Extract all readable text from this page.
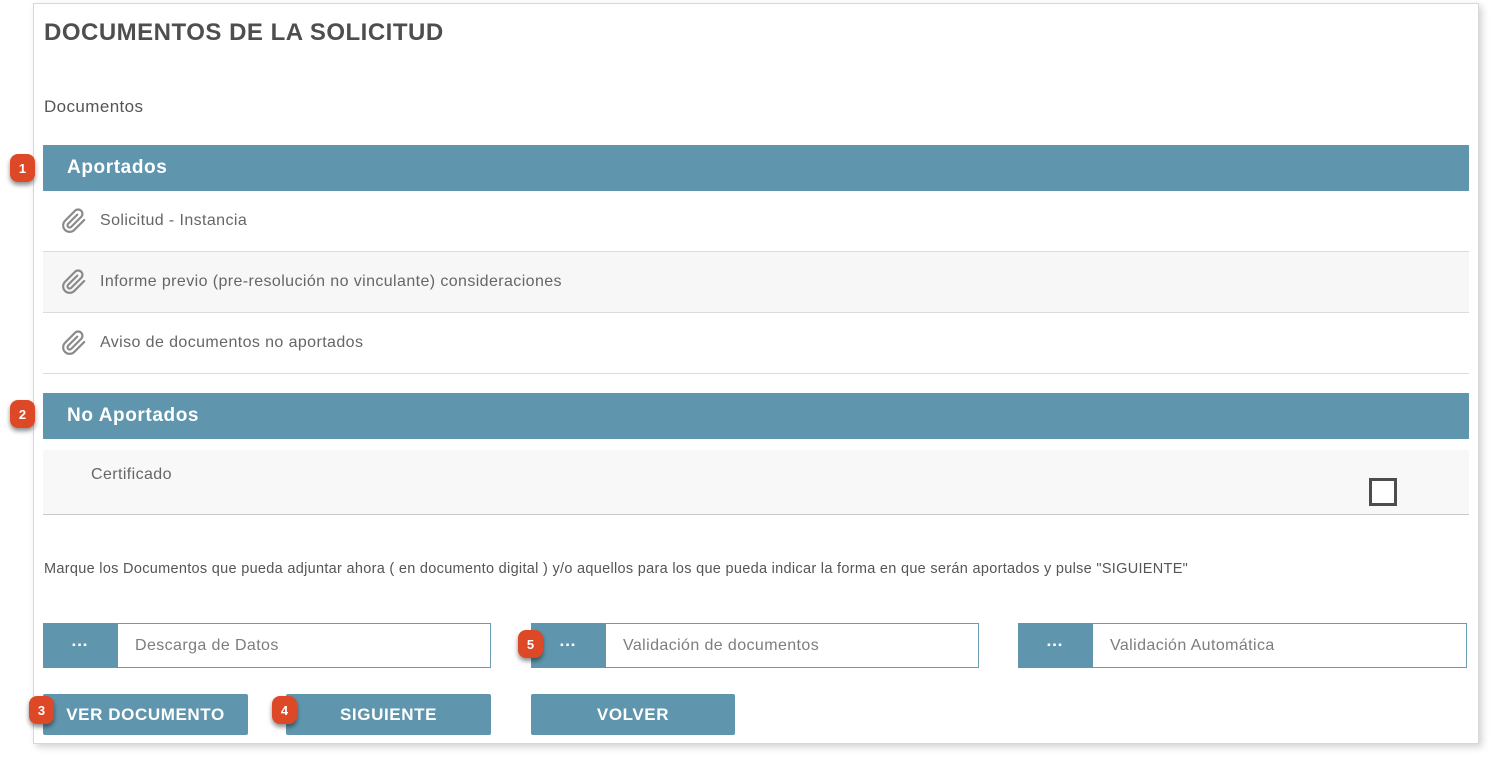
DOCUMENTOS DE LA SOLICITUD
Documentos
Aportados
Solicitud - Instancia
Informe previo (pre-resolución no vinculante) consideraciones
Aviso de documentos no aportados
No Aportados
Certificado
Marque los Documentos que pueda adjuntar ahora ( en documento digital ) y/o aquellos para los que pueda indicar la forma en que serán aportados y pulse "SIGUIENTE"
▪▪▪	Descarga de Datos	▪▪▪	Validación de documentos	▪▪▪	Validación Automática
VER DOCUMENTO	SIGUIENTE	VOLVER
1
2
3	4
5
